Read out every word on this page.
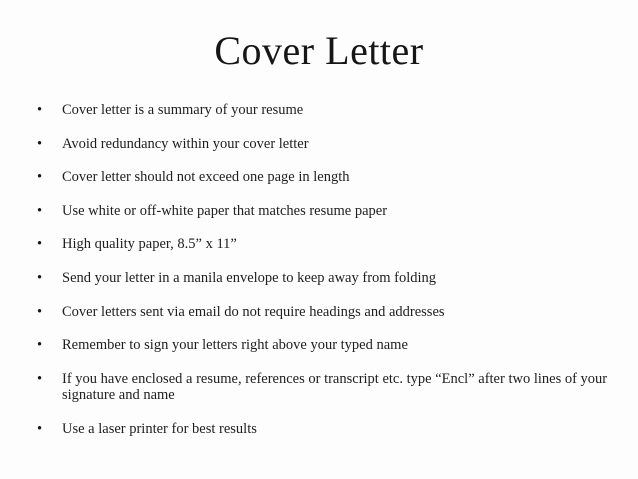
Cover Letter
•	Cover letter is a summary of your resume
•	Avoid redundancy within your cover letter
•	Cover letter should not exceed one page in length
•	Use white or off-white paper that matches resume paper
•	High quality paper, 8.5” x 11”
•	Send your letter in a manila envelope to keep away from folding
•	Cover letters sent via email do not require headings and addresses
•	Remember to sign your letters right above your typed name
•	If you have enclosed a resume, references or transcript etc. type “Encl” after two lines of your signature and name
•	Use a laser printer for best results
